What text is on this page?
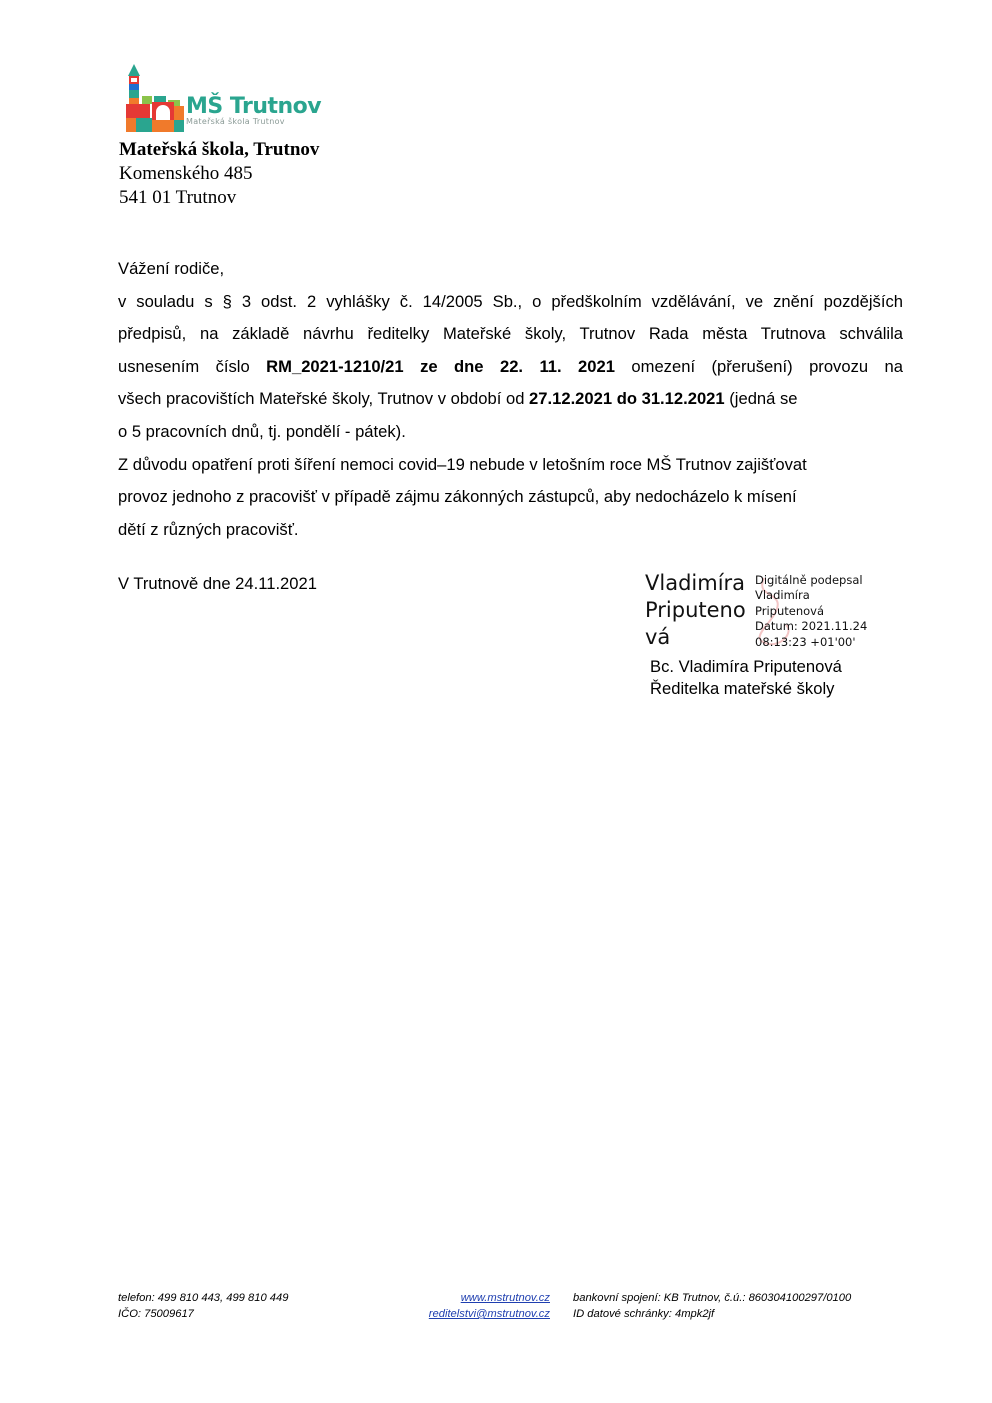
MŠ Trutnov
Mateřská škola Trutnov
Mateřská škola, Trutnov
Komenského 485
541 01 Trutnov

Vážení rodiče,

v souladu s § 3 odst. 2 vyhlášky č. 14/2005 Sb., o předškolním vzdělávání, ve znění pozdějších

předpisů, na základě návrhu ředitelky Mateřské školy, Trutnov Rada města Trutnova schválila

usnesením číslo RM_2021-1210/21 ze dne 22. 11. 2021 omezení (přerušení) provozu na

všech pracovištích Mateřské školy, Trutnov v období od 27.12.2021 do 31.12.2021 (jedná se

o 5 pracovních dnů, tj. pondělí - pátek).

Z důvodu opatření proti šíření nemoci covid–19 nebude v letošním roce MŠ Trutnov zajišťovat

provoz jednoho z pracovišť v případě zájmu zákonných zástupců, aby nedocházelo k mísení

dětí z různých pracovišť.

V Trutnově dne 24.11.2021	Vladimíra
Priputeno
vá
Digitálně podepsal
Vladimíra
Priputenová
Datum: 2021.11.24
08:13:23 +01'00'
Bc. Vladimíra Priputenová
Ředitelka mateřské školy
telefon: 499 810 443, 499 810 449
IČO: 75009617
www.mstrutnov.cz
reditelstvi@mstrutnov.cz
bankovní spojení: KB Trutnov, č.ú.: 860304100297/0100
ID datové schránky: 4mpk2jf
